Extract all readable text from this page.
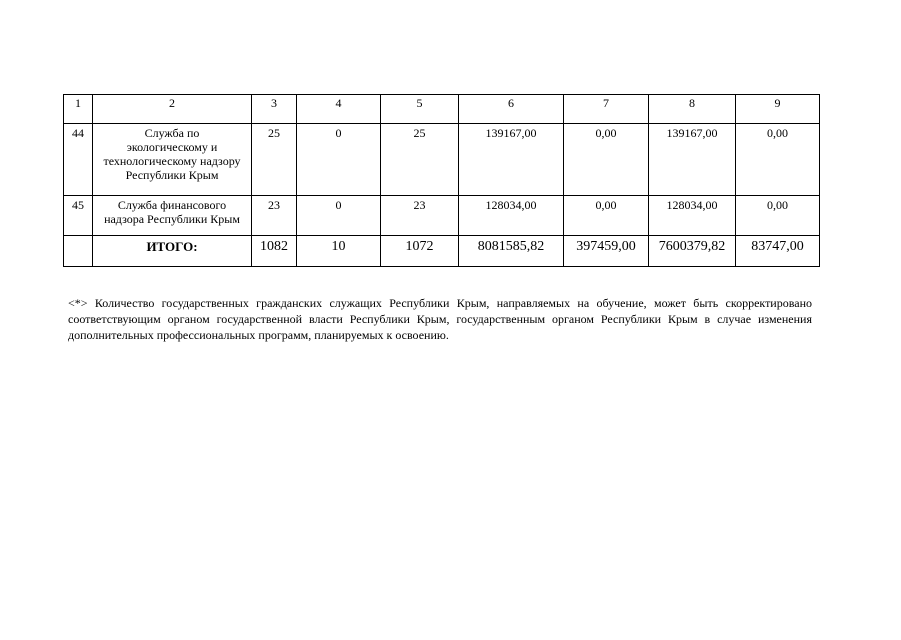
1	2	3	4	5	6	7	8	9
44	Служба по
экологическому и
технологическому надзору
Республики Крым	25	0	25	139167,00	0,00	139167,00	0,00
45	Служба финансового
надзора Республики Крым	23	0	23	128034,00	0,00	128034,00	0,00
	ИТОГО:	1082	10	1072	8081585,82	397459,00	7600379,82	83747,00

<*> Количество государственных гражданских служащих Республики Крым, направляемых на обучение, может быть скорректировано соответствующим органом государственной власти Республики Крым, государственным органом Республики Крым в случае изменения дополнительных профессиональных программ, планируемых к освоению.
